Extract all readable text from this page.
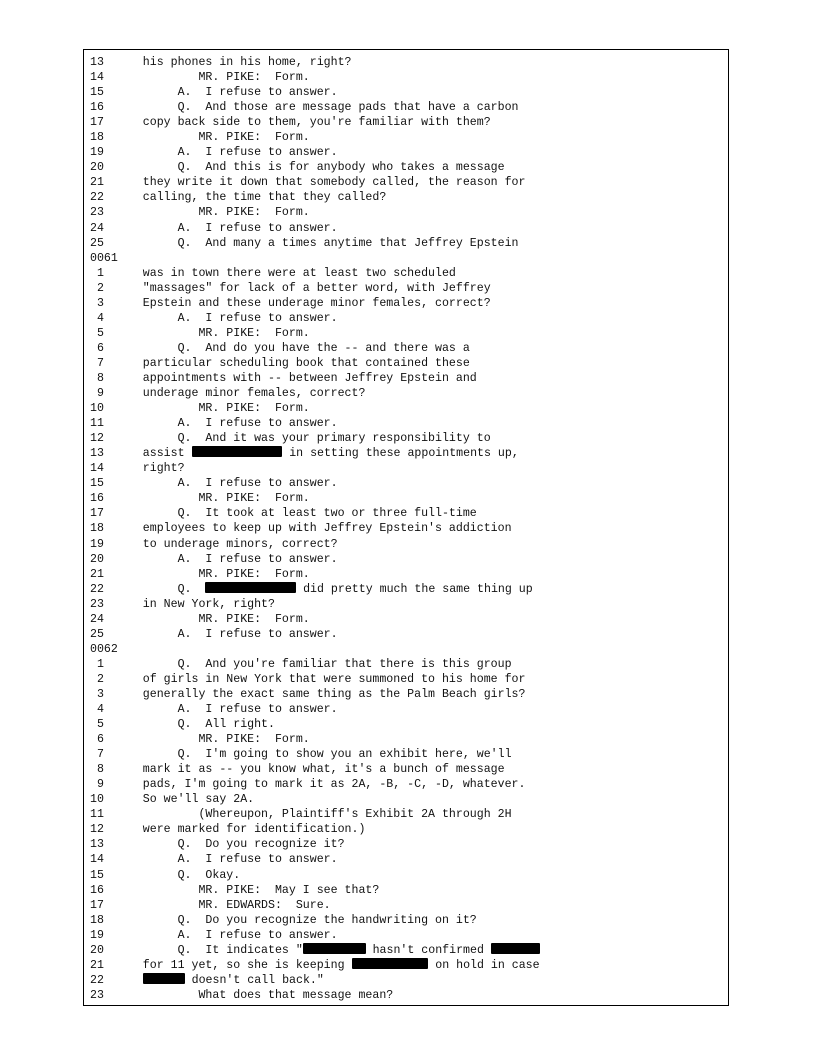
13 his phones in his home, right?
14 MR. PIKE:  Form.
15 A.  I refuse to answer.
16 Q.  And those are message pads that have a carbon
17 copy back side to them, you're familiar with them?
18 MR. PIKE:  Form.
19 A.  I refuse to answer.
20 Q.  And this is for anybody who takes a message
21 they write it down that somebody called, the reason for
22 calling, the time that they called?
23 MR. PIKE:  Form.
24 A.  I refuse to answer.
25 Q.  And many a times anytime that Jeffrey Epstein
0061
1 was in town there were at least two scheduled
2 "massages" for lack of a better word, with Jeffrey
3 Epstein and these underage minor females, correct?
4 A.  I refuse to answer.
5 MR. PIKE:  Form.
6 Q.  And do you have the -- and there was a
7 particular scheduling book that contained these
8 appointments with -- between Jeffrey Epstein and
9 underage minor females, correct?
10 MR. PIKE:  Form.
11 A.  I refuse to answer.
12 Q.  And it was your primary responsibility to
13 assist	in setting these appointments up,
14 right?
15 A.  I refuse to answer.
16 MR. PIKE:  Form.
17 Q.  It took at least two or three full-time
18 employees to keep up with Jeffrey Epstein's addiction
19 to underage minors, correct?
20 A.  I refuse to answer.
21 MR. PIKE:  Form.
22 Q.	did pretty much the same thing up
23 in New York, right?
24 MR. PIKE:  Form.
25 A.  I refuse to answer.
0062
1 Q.  And you're familiar that there is this group
2 of girls in New York that were summoned to his home for
3 generally the exact same thing as the Palm Beach girls?
4 A.  I refuse to answer.
5 Q.  All right.
6 MR. PIKE:  Form.
7 Q.  I'm going to show you an exhibit here, we'll
8 mark it as -- you know what, it's a bunch of message
9 pads, I'm going to mark it as 2A, -B, -C, -D, whatever.
10 So we'll say 2A.
11 (Whereupon, Plaintiff's Exhibit 2A through 2H
12 were marked for identification.)
13 Q.  Do you recognize it?
14 A.  I refuse to answer.
15 Q.  Okay.
16 MR. PIKE:  May I see that?
17 MR. EDWARDS:  Sure.
18 Q.  Do you recognize the handwriting on it?
19 A.  I refuse to answer.
20 Q.  It indicates "	hasn't confirmed
21 for 11 yet, so she is keeping	on hold in case
22	doesn't call back."
23 What does that message mean?
